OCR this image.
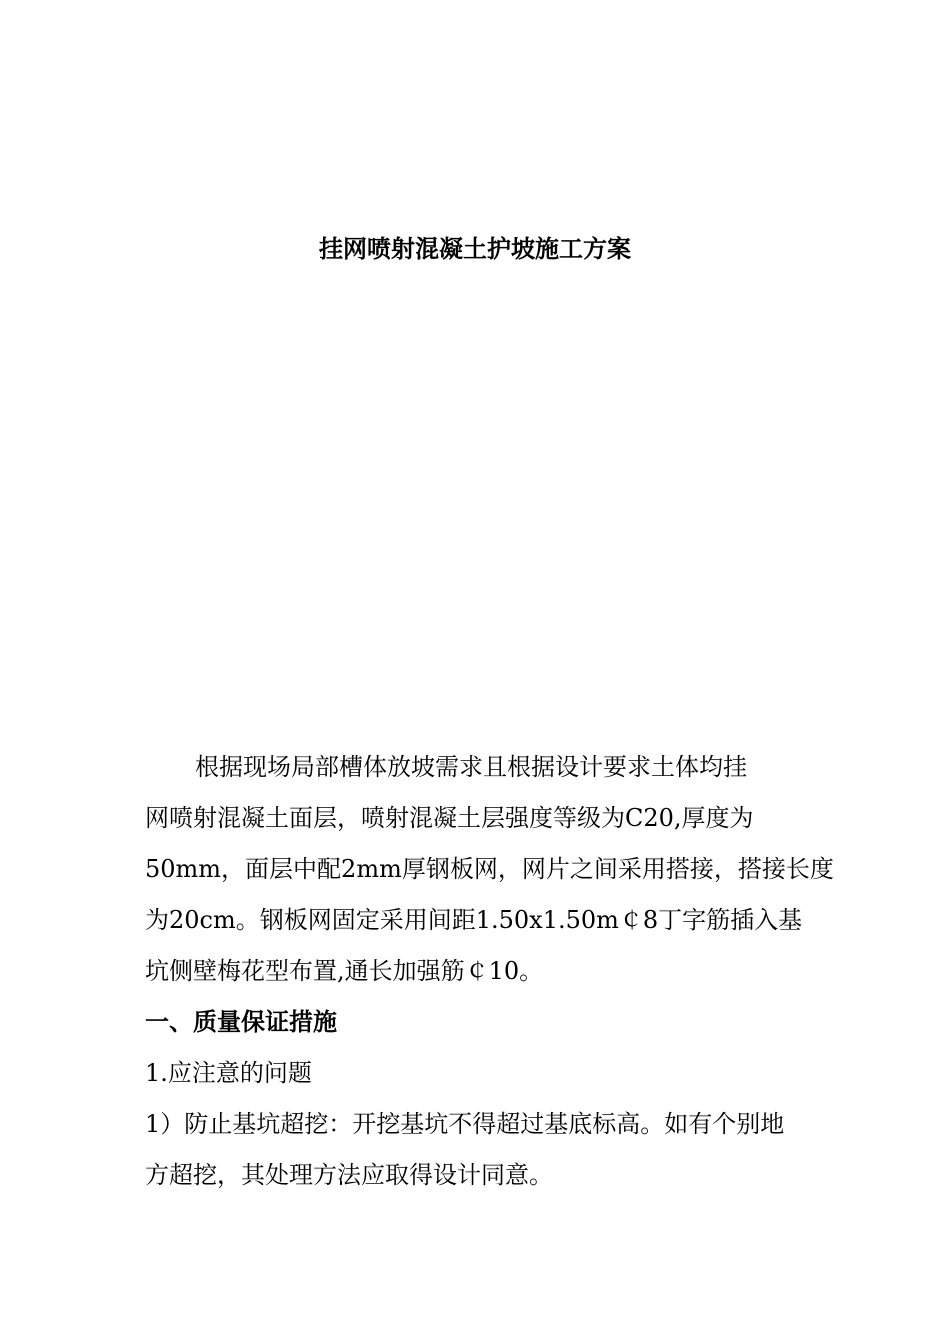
挂网喷射混凝土护坡施工方案
根据现场局部槽体放坡需求且根据设计要求土体均挂
网喷射混凝土面层，喷射混凝土层强度等级为C20,厚度为
50mm，面层中配2mm厚钢板网，网片之间采用搭接，搭接长度
为20cm。钢板网固定采用间距1.50x1.50m￠8丁字筋插入基
坑侧壁梅花型布置,通长加强筋￠10。
一、质量保证措施
1.应注意的问题
1）防止基坑超挖：开挖基坑不得超过基底标高。如有个别地
方超挖，其处理方法应取得设计同意。
